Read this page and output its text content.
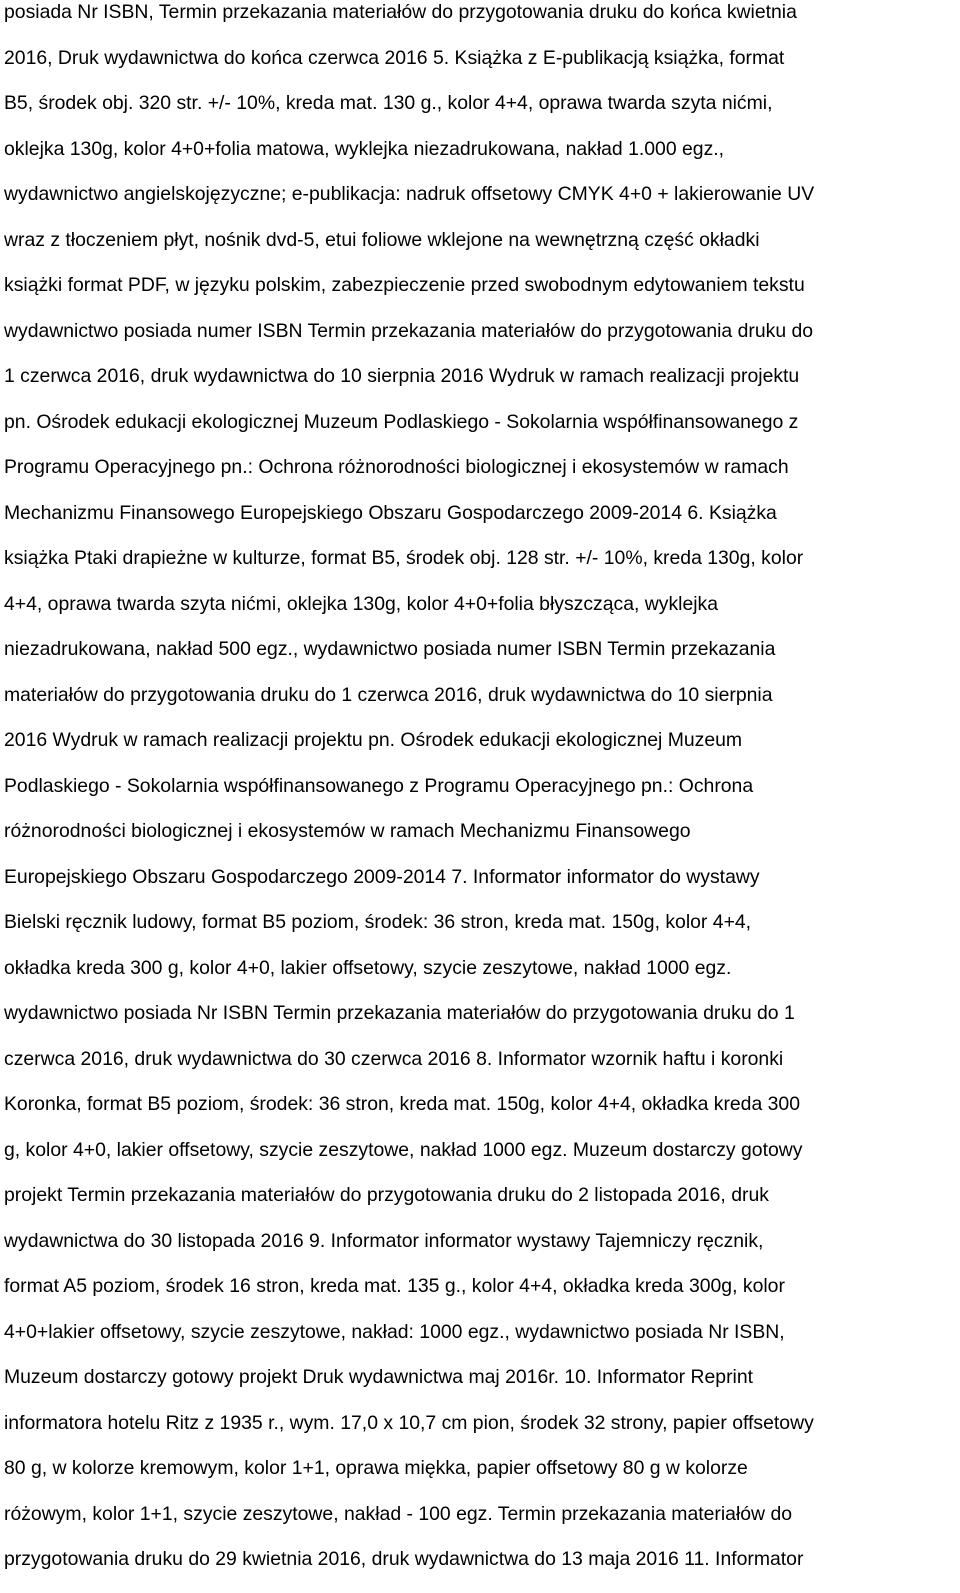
posiada Nr ISBN, Termin przekazania materiałów do przygotowania druku do końca kwietnia
2016, Druk wydawnictwa do końca czerwca 2016 5. Książka z E-publikacją książka, format
B5, środek obj. 320 str. +/- 10%, kreda mat. 130 g., kolor 4+4, oprawa twarda szyta nićmi,
oklejka 130g, kolor 4+0+folia matowa, wyklejka niezadrukowana, nakład 1.000 egz.,
wydawnictwo angielskojęzyczne; e-publikacja: nadruk offsetowy CMYK 4+0 + lakierowanie UV
wraz z tłoczeniem płyt, nośnik dvd-5, etui foliowe wklejone na wewnętrzną część okładki
książki format PDF, w języku polskim, zabezpieczenie przed swobodnym edytowaniem tekstu
wydawnictwo posiada numer ISBN Termin przekazania materiałów do przygotowania druku do
1 czerwca 2016, druk wydawnictwa do 10 sierpnia 2016 Wydruk w ramach realizacji projektu
pn. Ośrodek edukacji ekologicznej Muzeum Podlaskiego - Sokolarnia współfinansowanego z
Programu Operacyjnego pn.: Ochrona różnorodności biologicznej i ekosystemów w ramach
Mechanizmu Finansowego Europejskiego Obszaru Gospodarczego 2009-2014 6. Książka
książka Ptaki drapieżne w kulturze, format B5, środek obj. 128 str. +/- 10%, kreda 130g, kolor
4+4, oprawa twarda szyta nićmi, oklejka 130g, kolor 4+0+folia błyszcząca, wyklejka
niezadrukowana, nakład 500 egz., wydawnictwo posiada numer ISBN Termin przekazania
materiałów do przygotowania druku do 1 czerwca 2016, druk wydawnictwa do 10 sierpnia
2016 Wydruk w ramach realizacji projektu pn. Ośrodek edukacji ekologicznej Muzeum
Podlaskiego - Sokolarnia współfinansowanego z Programu Operacyjnego pn.: Ochrona
różnorodności biologicznej i ekosystemów w ramach Mechanizmu Finansowego
Europejskiego Obszaru Gospodarczego 2009-2014 7. Informator informator do wystawy
Bielski ręcznik ludowy, format B5 poziom, środek: 36 stron, kreda mat. 150g, kolor 4+4,
okładka kreda 300 g, kolor 4+0, lakier offsetowy, szycie zeszytowe, nakład 1000 egz.
wydawnictwo posiada Nr ISBN Termin przekazania materiałów do przygotowania druku do 1
czerwca 2016, druk wydawnictwa do 30 czerwca 2016 8. Informator wzornik haftu i koronki
Koronka, format B5 poziom, środek: 36 stron, kreda mat. 150g, kolor 4+4, okładka kreda 300
g, kolor 4+0, lakier offsetowy, szycie zeszytowe, nakład 1000 egz. Muzeum dostarczy gotowy
projekt Termin przekazania materiałów do przygotowania druku do 2 listopada 2016, druk
wydawnictwa do 30 listopada 2016 9. Informator informator wystawy Tajemniczy ręcznik,
format A5 poziom, środek 16 stron, kreda mat. 135 g., kolor 4+4, okładka kreda 300g, kolor
4+0+lakier offsetowy, szycie zeszytowe, nakład: 1000 egz., wydawnictwo posiada Nr ISBN,
Muzeum dostarczy gotowy projekt Druk wydawnictwa maj 2016r. 10. Informator Reprint
informatora hotelu Ritz z 1935 r., wym. 17,0 x 10,7 cm pion, środek 32 strony, papier offsetowy
80 g, w kolorze kremowym, kolor 1+1, oprawa miękka, papier offsetowy 80 g w kolorze
różowym, kolor 1+1, szycie zeszytowe, nakład - 100 egz. Termin przekazania materiałów do
przygotowania druku do 29 kwietnia 2016, druk wydawnictwa do 13 maja 2016 11. Informator
